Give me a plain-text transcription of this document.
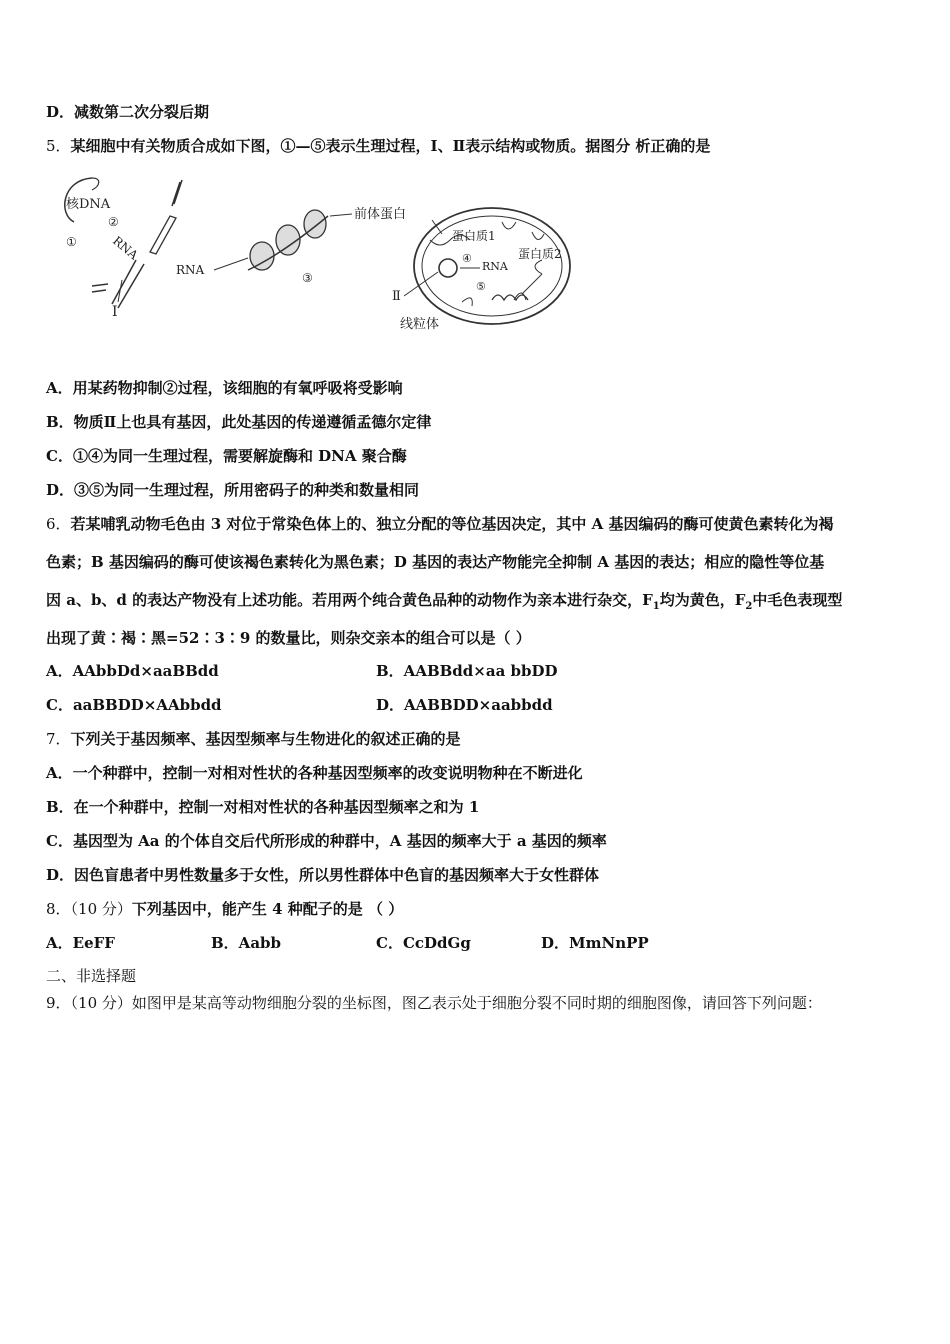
D．减数第二次分裂后期
5．某细胞中有关物质合成如下图，①—⑤表示生理过程，Ⅰ、Ⅱ表示结构或物质。据图分 析正确的是
核DNA
②
①	RNA
Ⅰ
RNA
③
前体蛋白
蛋白质1
蛋白质2
④
RNA
⑤
Ⅱ
线粒体
A．用某药物抑制②过程，该细胞的有氧呼吸将受影响
B．物质Ⅱ上也具有基因，此处基因的传递遵循孟德尔定律
C．①④为同一生理过程，需要解旋酶和 DNA 聚合酶
D．③⑤为同一生理过程，所用密码子的种类和数量相同
6．若某哺乳动物毛色由 3 对位于常染色体上的、独立分配的等位基因决定，其中 A 基因编码的酶可使黄色素转化为褐
色素；B 基因编码的酶可使该褐色素转化为黑色素；D 基因的表达产物能完全抑制 A 基因的表达；相应的隐性等位基
因 a、b、d 的表达产物没有上述功能。若用两个纯合黄色品种的动物作为亲本进行杂交，$F_1$均为黄色，$F_2$中毛色表现型
出现了黄∶褐∶黑=52∶3∶9 的数量比，则杂交亲本的组合可以是（ ）
A．AAbbDd×aaBBdd	B．AABBdd×aa bbDD
C．aaBBDD×AAbbdd	D．AABBDD×aabbdd
7．下列关于基因频率、基因型频率与生物进化的叙述正确的是
A．一个种群中，控制一对相对性状的各种基因型频率的改变说明物种在不断进化
B．在一个种群中，控制一对相对性状的各种基因型频率之和为 1
C．基因型为 Aa 的个体自交后代所形成的种群中，A 基因的频率大于 a 基因的频率
D．因色盲患者中男性数量多于女性，所以男性群体中色盲的基因频率大于女性群体
8．（10 分）下列基因中，能产生 4 种配子的是 （ ）
A．EeFF	B．Aabb	C．CcDdGg	D．MmNnPP
二、非选择题
9．（10 分）如图甲是某高等动物细胞分裂的坐标图，图乙表示处于细胞分裂不同时期的细胞图像，请回答下列问题：
